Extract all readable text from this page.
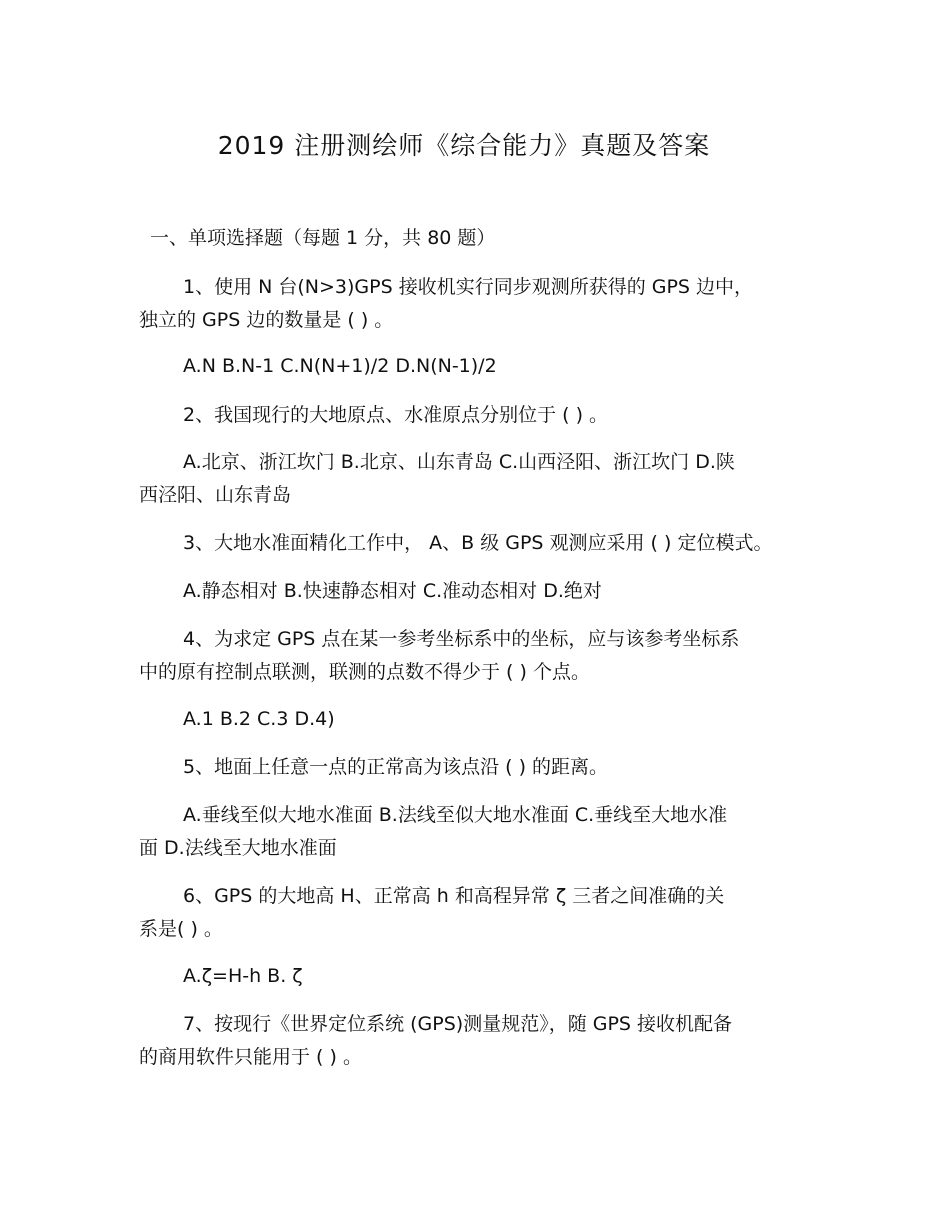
2019 注册测绘师《综合能力》真题及答案
一、单项选择题（每题 1 分，共 80 题）
1、使用 N 台(N>3)GPS 接收机实行同步观测所获得的 GPS 边中，
独立的 GPS 边的数量是 ( ) 。
A.N B.N-1 C.N(N+1)/2 D.N(N-1)/2
2、我国现行的大地原点、水准原点分别位于 ( ) 。
A.北京、浙江坎门 B.北京、山东青岛 C.山西泾阳、浙江坎门 D.陕
西泾阳、山东青岛
3、大地水准面精化工作中， A、B 级 GPS 观测应采用 ( ) 定位模式。
A.静态相对 B.快速静态相对 C.准动态相对 D.绝对
4、为求定 GPS 点在某一参考坐标系中的坐标，应与该参考坐标系
中的原有控制点联测，联测的点数不得少于 ( ) 个点。
A.1 B.2 C.3 D.4)
5、地面上任意一点的正常高为该点沿 ( ) 的距离。
A.垂线至似大地水准面 B.法线至似大地水准面 C.垂线至大地水准
面 D.法线至大地水准面
6、GPS 的大地高 H、正常高 h 和高程异常 ζ 三者之间准确的关
系是( ) 。
A.ζ=H-h B. ζ
7、按现行《世界定位系统 (GPS)测量规范》，随 GPS 接收机配备
的商用软件只能用于 ( ) 。
